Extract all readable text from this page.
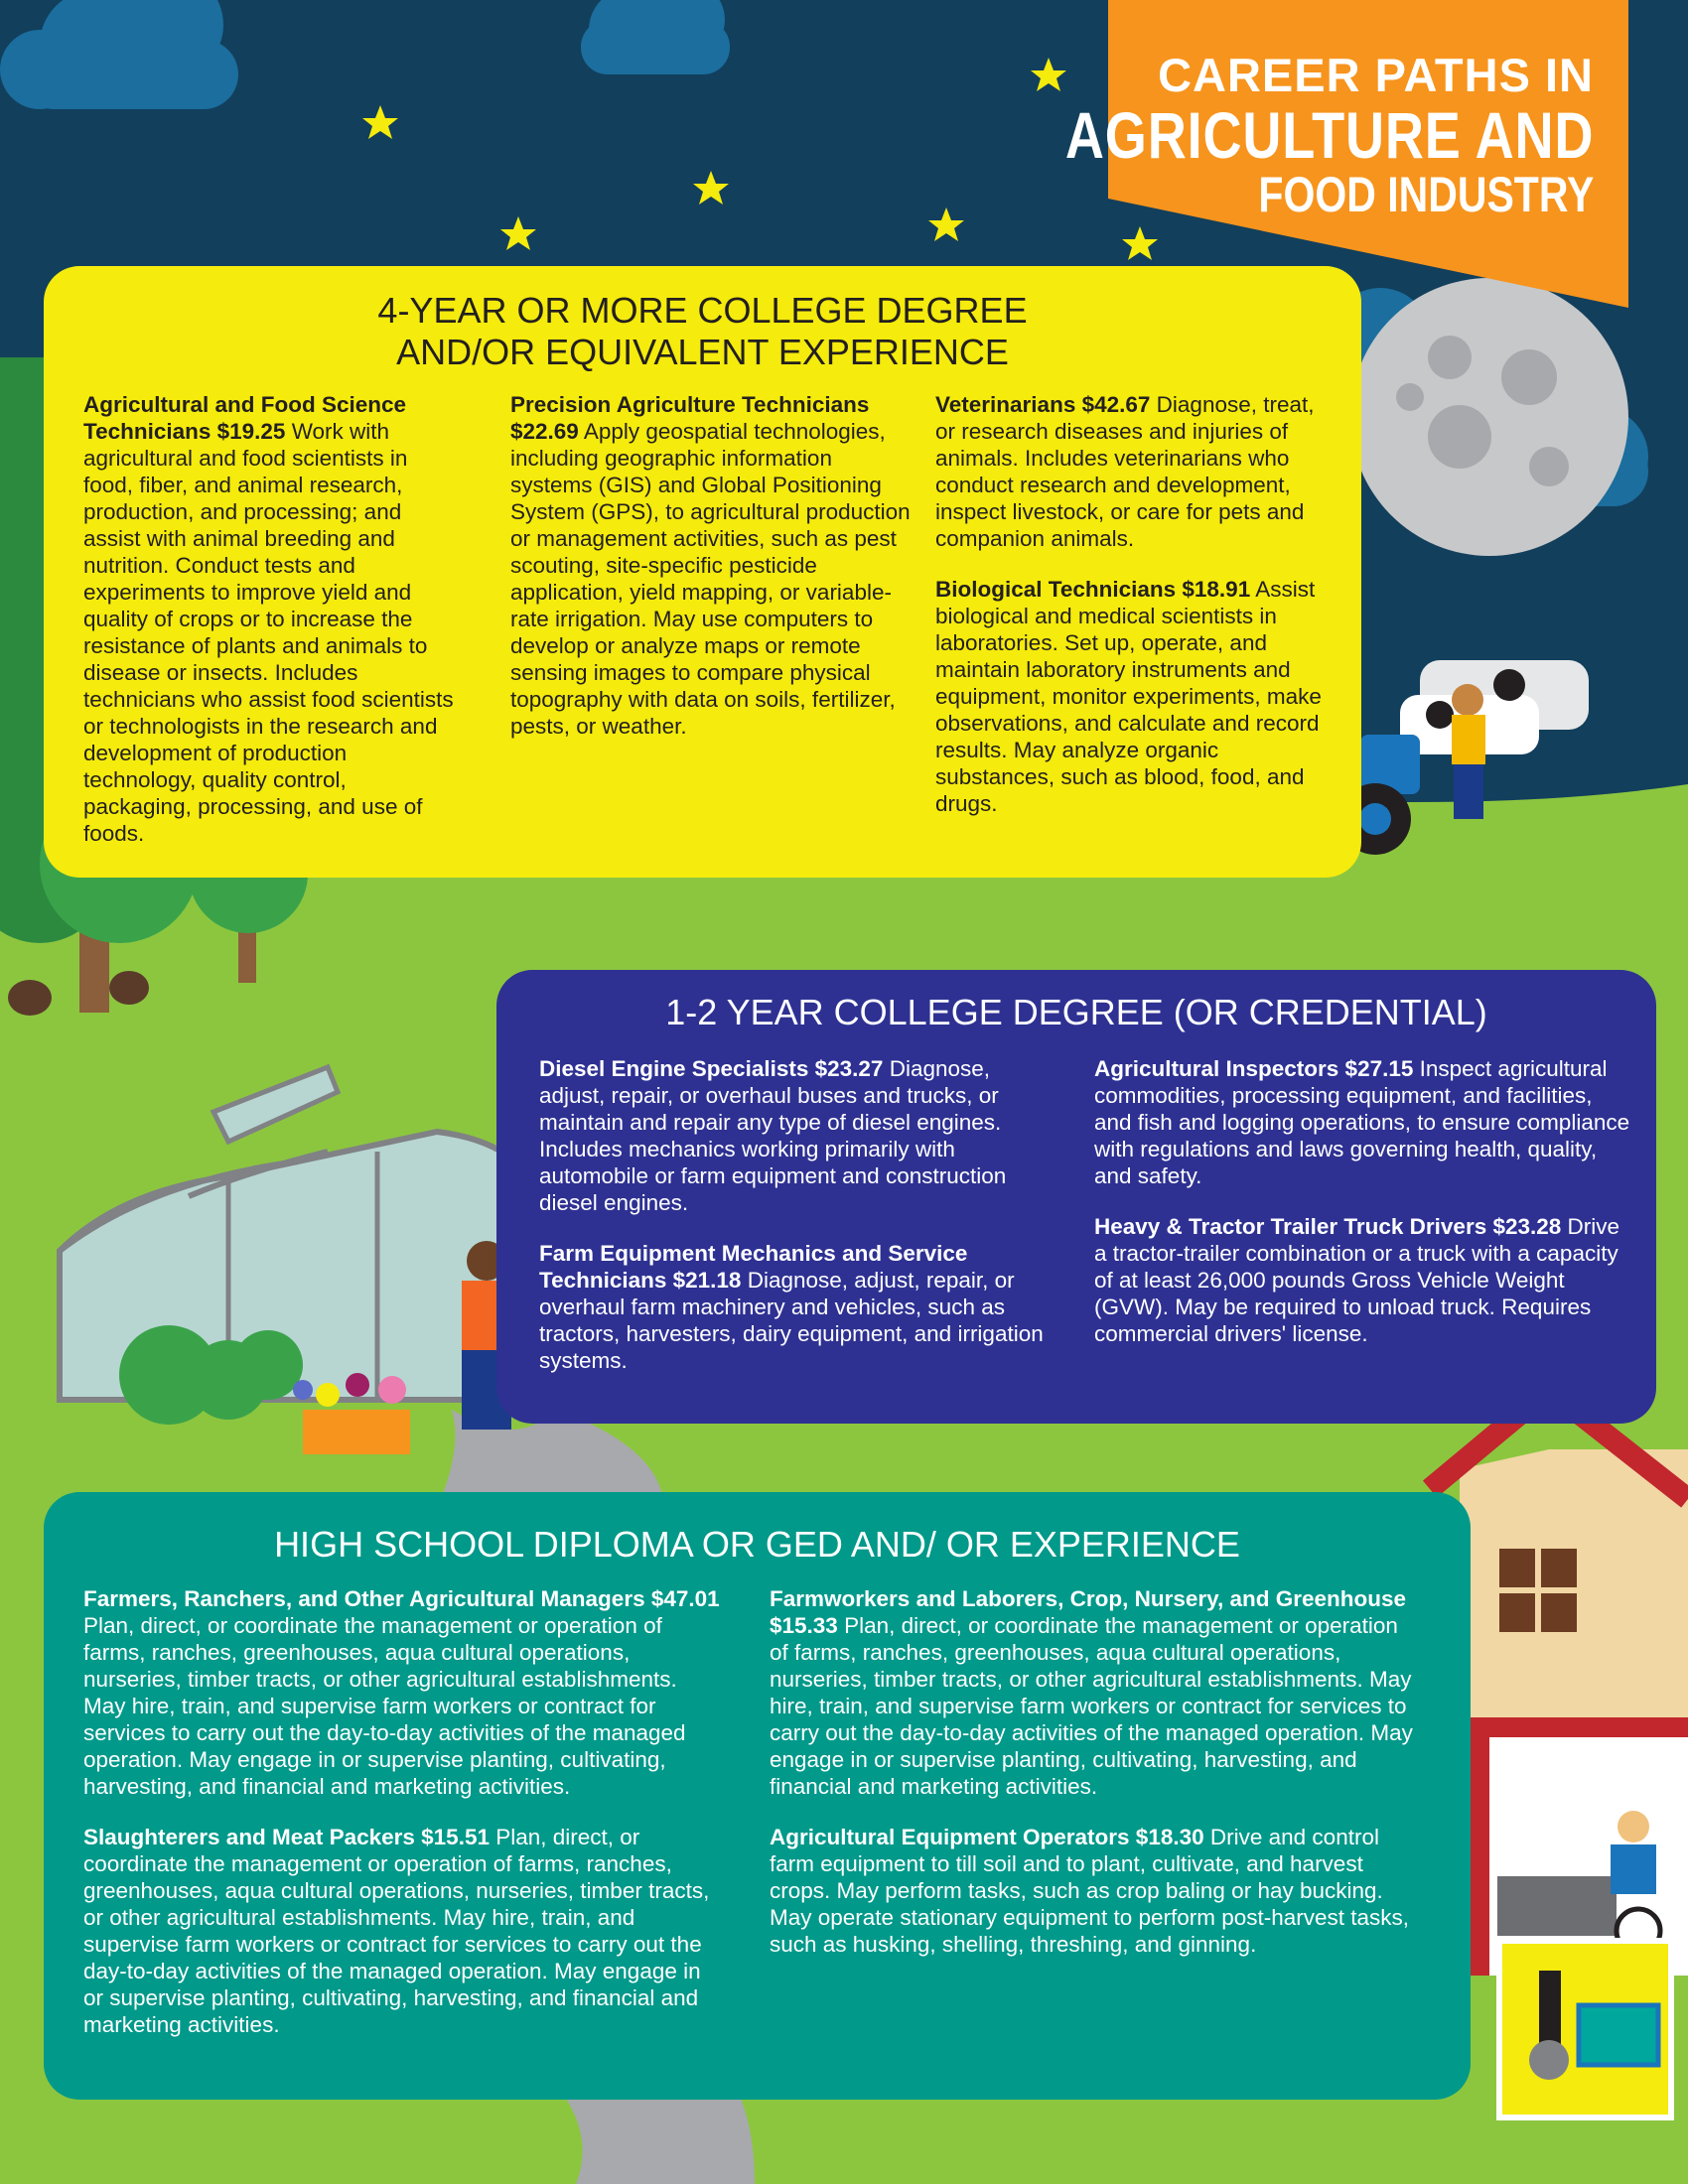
CAREER PATHS IN
AGRICULTURE AND
FOOD INDUSTRY
4-YEAR OR MORE COLLEGE DEGREE
AND/OR EQUIVALENT EXPERIENCE

Agricultural and Food Science Technicians $19.25 Work with agricultural and food scientists in food, fiber, and animal research, production, and processing; and assist with animal breeding and nutrition. Conduct tests and experiments to improve yield and quality of crops or to increase the resistance of plants and animals to disease or insects. Includes technicians who assist food scientists or technologists in the research and development of production technology, quality control, packaging, processing, and use of foods.

Precision Agriculture Technicians $22.69 Apply geospatial technologies, including geographic information systems (GIS) and Global Positioning System (GPS), to agricultural production or management activities, such as pest scouting, site-specific pesticide application, yield mapping, or variable-rate irrigation. May use computers to develop or analyze maps or remote sensing images to compare physical topography with data on soils, fertilizer, pests, or weather.

Veterinarians $42.67 Diagnose, treat, or research diseases and injuries of animals. Includes veterinarians who conduct research and development, inspect livestock, or care for pets and companion animals.

Biological Technicians $18.91 Assist biological and medical scientists in laboratories. Set up, operate, and maintain laboratory instruments and equipment, monitor experiments, make observations, and calculate and record results. May analyze organic substances, such as blood, food, and drugs.

1-2 YEAR COLLEGE DEGREE (OR CREDENTIAL)

Diesel Engine Specialists $23.27 Diagnose, adjust, repair, or overhaul buses and trucks, or maintain and repair any type of diesel engines. Includes mechanics working primarily with automobile or farm equipment and construction diesel engines.

Farm Equipment Mechanics and Service Technicians $21.18 Diagnose, adjust, repair, or overhaul farm machinery and vehicles, such as tractors, harvesters, dairy equipment, and irrigation systems.

Agricultural Inspectors $27.15 Inspect agricultural commodities, processing equipment, and facilities, and fish and logging operations, to ensure compliance with regulations and laws governing health, quality, and safety.

Heavy & Tractor Trailer Truck Drivers $23.28 Drive a tractor-trailer combination or a truck with a capacity of at least 26,000 pounds Gross Vehicle Weight (GVW). May be required to unload truck. Requires commercial drivers' license.

HIGH SCHOOL DIPLOMA OR GED AND/ OR EXPERIENCE

Farmers, Ranchers, and Other Agricultural Managers $47.01 Plan, direct, or coordinate the management or operation of farms, ranches, greenhouses, aqua cultural operations, nurseries, timber tracts, or other agricultural establishments. May hire, train, and supervise farm workers or contract for services to carry out the day-to-day activities of the managed operation. May engage in or supervise planting, cultivating, harvesting, and financial and marketing activities.

Slaughterers and Meat Packers $15.51 Plan, direct, or coordinate the management or operation of farms, ranches, greenhouses, aqua cultural operations, nurseries, timber tracts, or other agricultural establishments. May hire, train, and supervise farm workers or contract for services to carry out the day-to-day activities of the managed operation. May engage in or supervise planting, cultivating, harvesting, and financial and marketing activities.

Farmworkers and Laborers, Crop, Nursery, and Greenhouse $15.33 Plan, direct, or coordinate the management or operation of farms, ranches, greenhouses, aqua cultural operations, nurseries, timber tracts, or other agricultural establishments. May hire, train, and supervise farm workers or contract for services to carry out the day-to-day activities of the managed operation. May engage in or supervise planting, cultivating, harvesting, and financial and marketing activities.

Agricultural Equipment Operators $18.30 Drive and control farm equipment to till soil and to plant, cultivate, and harvest crops. May perform tasks, such as crop baling or hay bucking. May operate stationary equipment to perform post-harvest tasks, such as husking, shelling, threshing, and ginning.
